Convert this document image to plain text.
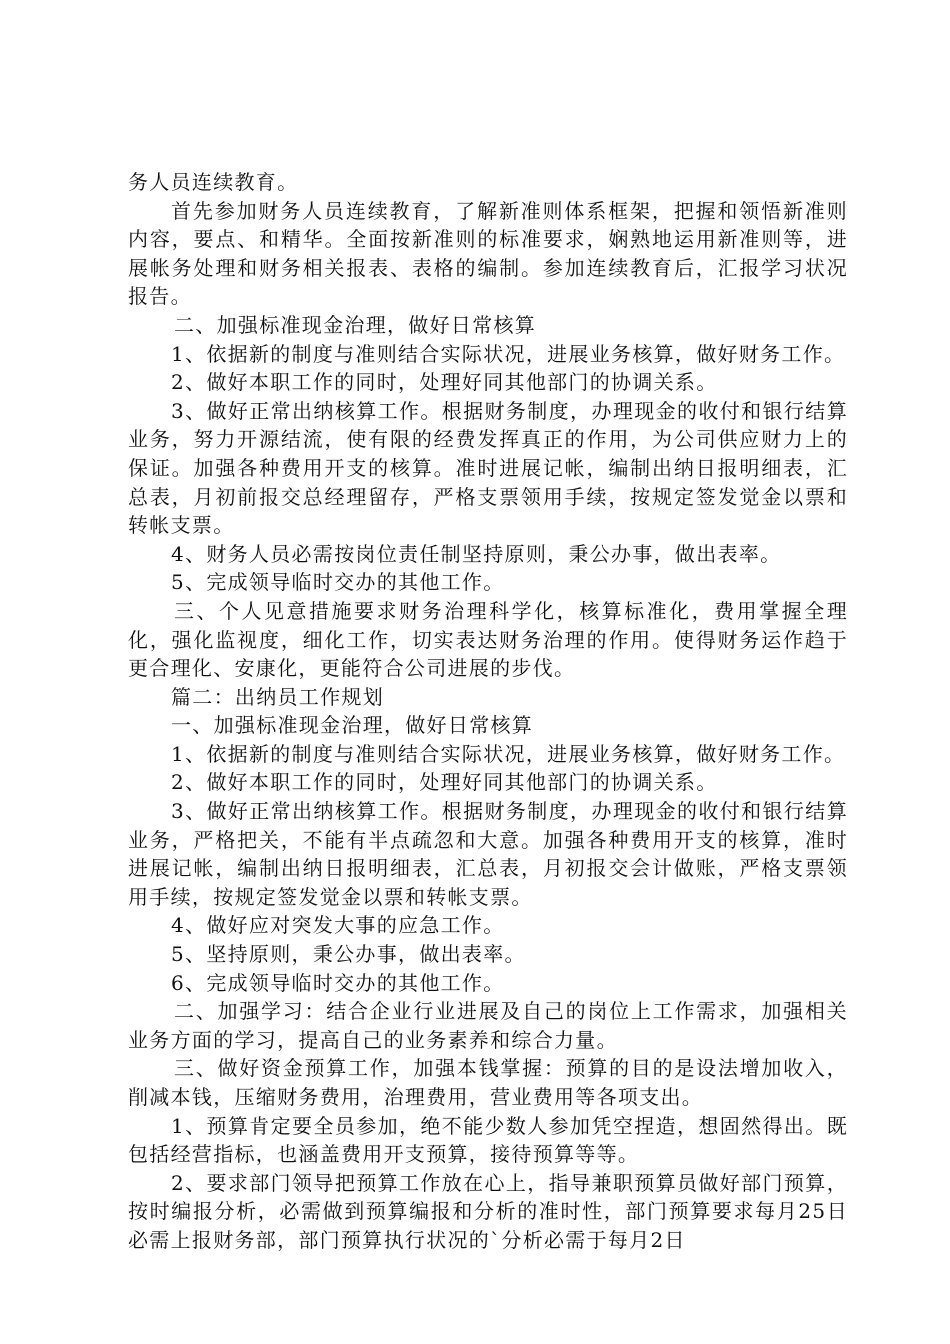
务人员连续教育。

首先参加财务人员连续教育，了解新准则体系框架，把握和领悟新准则内容，要点、和精华。全面按新准则的标准要求，娴熟地运用新准则等，进展帐务处理和财务相关报表、表格的编制。参加连续教育后，汇报学习状况报告。

二、加强标准现金治理，做好日常核算

1、依据新的制度与准则结合实际状况，进展业务核算，做好财务工作。

2、做好本职工作的同时，处理好同其他部门的协调关系。

3、做好正常出纳核算工作。根据财务制度，办理现金的收付和银行结算业务，努力开源结流，使有限的经费发挥真正的作用，为公司供应财力上的保证。加强各种费用开支的核算。准时进展记帐，编制出纳日报明细表，汇总表，月初前报交总经理留存，严格支票领用手续，按规定签发觉金以票和转帐支票。

4、财务人员必需按岗位责任制坚持原则，秉公办事，做出表率。

5、完成领导临时交办的其他工作。

三、个人见意措施要求财务治理科学化，核算标准化，费用掌握全理化，强化监视度，细化工作，切实表达财务治理的作用。使得财务运作趋于更合理化、安康化，更能符合公司进展的步伐。

篇二：出纳员工作规划

一、加强标准现金治理，做好日常核算

1、依据新的制度与准则结合实际状况，进展业务核算，做好财务工作。

2、做好本职工作的同时，处理好同其他部门的协调关系。

3、做好正常出纳核算工作。根据财务制度，办理现金的收付和银行结算业务，严格把关，不能有半点疏忽和大意。加强各种费用开支的核算，准时进展记帐，编制出纳日报明细表，汇总表，月初报交会计做账，严格支票领用手续，按规定签发觉金以票和转帐支票。

4、做好应对突发大事的应急工作。

5、坚持原则，秉公办事，做出表率。

6、完成领导临时交办的其他工作。

二、加强学习：结合企业行业进展及自己的岗位上工作需求，加强相关业务方面的学习，提高自己的业务素养和综合力量。

三、做好资金预算工作，加强本钱掌握：预算的目的是设法增加收入，削减本钱，压缩财务费用，治理费用，营业费用等各项支出。

1、预算肯定要全员参加，绝不能少数人参加凭空捏造，想固然得出。既包括经营指标，也涵盖费用开支预算，接待预算等等。

2、要求部门领导把预算工作放在心上，指导兼职预算员做好部门预算，按时编报分析，必需做到预算编报和分析的准时性，部门预算要求每月25日必需上报财务部，部门预算执行状况的`分析必需于每月2日
